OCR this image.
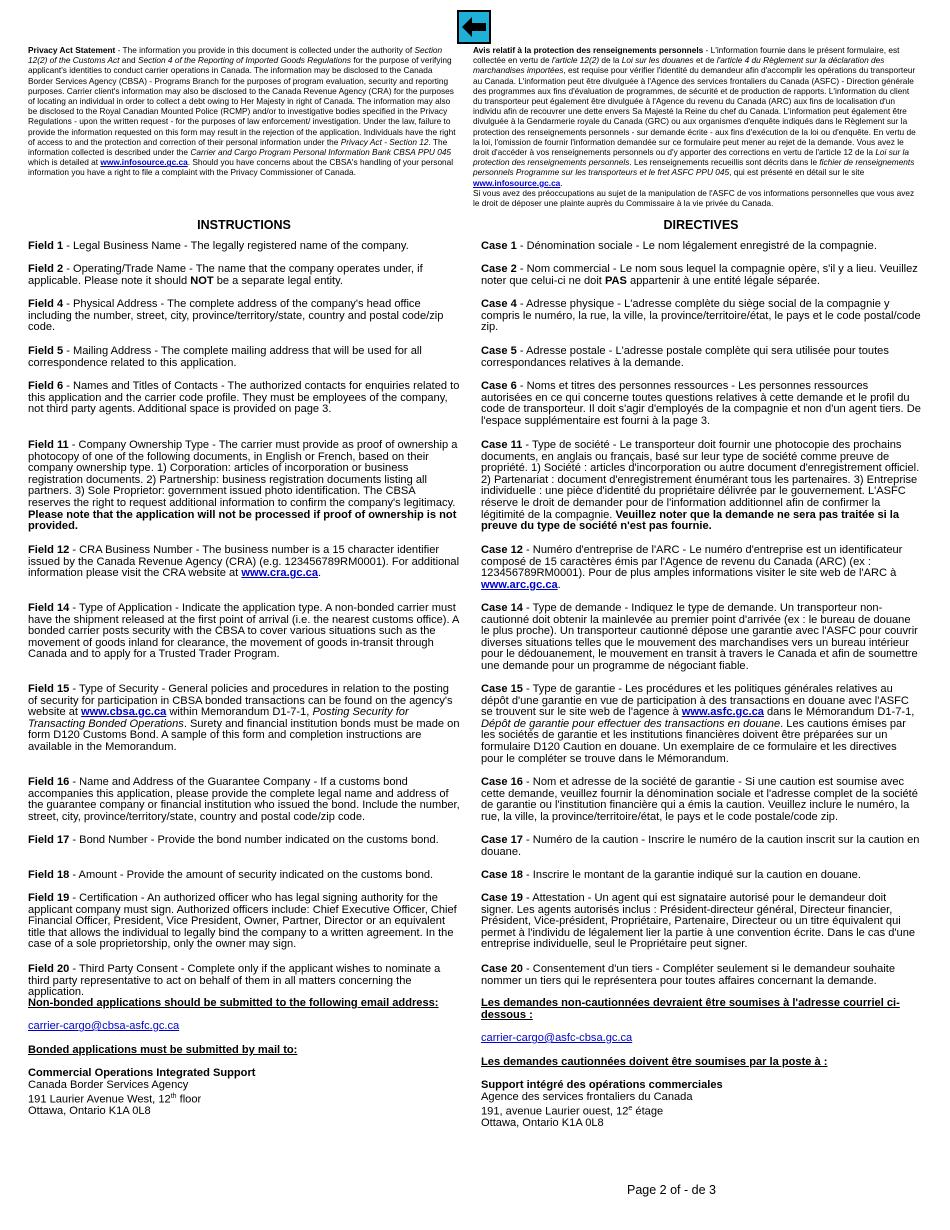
Privacy Act Statement - The information you provide in this document is collected under the authority of Section 12(2) of the Customs Act and Section 4 of the Reporting of Imported Goods Regulations for the purpose of verifying applicant's identities to conduct carrier operations in Canada. The information may be disclosed to the Canada Border Services Agency (CBSA) - Programs Branch for the purposes of program evaluation, security and reporting purposes. Carrier client's information may also be disclosed to the Canada Revenue Agency (CRA) for the purposes of locating an individual in order to collect a debt owing to Her Majesty in right of Canada. The information may also be disclosed to the Royal Canadian Mounted Police (RCMP) and/or to investigative bodies specified in the Privacy Regulations - upon the written request - for the purposes of law enforcement/ investigation. Under the law, failure to provide the information requested on this form may result in the rejection of the application. Individuals have the right of access to and the protection and correction of their personal information under the Privacy Act - Section 12. The information collected is described under the Carrier and Cargo Program Personal Information Bank CBSA PPU 045 which is detailed at www.infosource.gc.ca. Should you have concerns about the CBSA's handling of your personal information you have a right to file a complaint with the Privacy Commissioner of Canada.

Avis relatif à la protection des renseignements personnels - L'information fournie dans le présent formulaire, est collectée en vertu de l'article 12(2) de la Loi sur les douanes et de l'article 4 du Règlement sur la déclaration des marchandises importées, est requise pour vérifier l'identité du demandeur afin d'accomplir les opérations du transporteur au Canada. L'information peut être divulguée à l'Agence des services frontaliers du Canada (ASFC) - Direction générale des programmes aux fins d'évaluation de programmes, de sécurité et de production de rapports. L'information du client du transporteur peut également être divulguée à l'Agence du revenu du Canada (ARC) aux fins de localisation d'un individu afin de recouvrer une dette envers Sa Majesté la Reine du chef du Canada. L'information peut également être divulguée à la Gendarmerie royale du Canada (GRC) ou aux organismes d'enquête indiqués dans le Règlement sur la protection des renseignements personnels - sur demande écrite - aux fins d'exécution de la loi ou d'enquête. En vertu de la loi, l'omission de fournir l'information demandée sur ce formulaire peut mener au rejet de la demande. Vous avez le droit d'accéder à vos renseignements personnels ou d'y apporter des corrections en vertu de l'article 12 de la Loi sur la protection des renseignements personnels. Les renseignements recueillis sont décrits dans le fichier de renseignements personnels Programme sur les transporteurs et le fret ASFC PPU 045, qui est présenté en détail sur le site www.infosource.gc.ca.

Si vous avez des préoccupations au sujet de la manipulation de l'ASFC de vos informations personnelles que vous avez le droit de déposer une plainte auprès du Commissaire à la vie privée du Canada.

INSTRUCTIONS

Field 1 - Legal Business Name - The legally registered name of the company.

Field 2 - Operating/Trade Name - The name that the company operates under, if applicable. Please note it should NOT be a separate legal entity.

Field 4 - Physical Address - The complete address of the company's head office including the number, street, city, province/territory/state, country and postal code/zip code.

Field 5 - Mailing Address - The complete mailing address that will be used for all correspondence related to this application.

Field 6 - Names and Titles of Contacts - The authorized contacts for enquiries related to this application and the carrier code profile. They must be employees of the company, not third party agents. Additional space is provided on page 3.

Field 11 - Company Ownership Type - The carrier must provide as proof of ownership a photocopy of one of the following documents, in English or French, based on their company ownership type. 1) Corporation: articles of incorporation or business registration documents. 2) Partnership: business registration documents listing all partners. 3) Sole Proprietor: government issued photo identification. The CBSA reserves the right to request additional information to confirm the company's legitimacy. Please note that the application will not be processed if proof of ownership is not provided.

Field 12 - CRA Business Number - The business number is a 15 character identifier issued by the Canada Revenue Agency (CRA) (e.g. 123456789RM0001). For additional information please visit the CRA website at www.cra.gc.ca.

Field 14 - Type of Application - Indicate the application type. A non-bonded carrier must have the shipment released at the first point of arrival (i.e. the nearest customs office). A bonded carrier posts security with the CBSA to cover various situations such as the movement of goods inland for clearance, the movement of goods in-transit through Canada and to apply for a Trusted Trader Program.

Field 15 - Type of Security - General policies and procedures in relation to the posting of security for participation in CBSA bonded transactions can be found on the agency's website at www.cbsa.gc.ca within Memorandum D1-7-1, Posting Security for Transacting Bonded Operations. Surety and financial institution bonds must be made on form D120 Customs Bond. A sample of this form and completion instructions are available in the Memorandum.

Field 16 - Name and Address of the Guarantee Company - If a customs bond accompanies this application, please provide the complete legal name and address of the guarantee company or financial institution who issued the bond. Include the number, street, city, province/territory/state, country and postal code/zip code.

Field 17 - Bond Number - Provide the bond number indicated on the customs bond.

Field 18 - Amount - Provide the amount of security indicated on the customs bond.

Field 19 - Certification - An authorized officer who has legal signing authority for the applicant company must sign. Authorized officers include: Chief Executive Officer, Chief Financial Officer, President, Vice President, Owner, Partner, Director or an equivalent title that allows the individual to legally bind the company to a written agreement. In the case of a sole proprietorship, only the owner may sign.

Field 20 - Third Party Consent - Complete only if the applicant wishes to nominate a third party representative to act on behalf of them in all matters concerning the application.

Non-bonded applications should be submitted to the following email address:

carrier-cargo@cbsa-asfc.gc.ca

Bonded applications must be submitted by mail to:

Commercial Operations Integrated Support

Canada Border Services Agency

191 Laurier Avenue West, 12th floor

Ottawa, Ontario K1A 0L8

DIRECTIVES

Case 1 - Dénomination sociale - Le nom légalement enregistré de la compagnie.

Case 2 - Nom commercial - Le nom sous lequel la compagnie opère, s'il y a lieu. Veuillez noter que celui-ci ne doit PAS appartenir à une entité légale séparée.

Case 4 - Adresse physique - L'adresse complète du siège social de la compagnie y compris le numéro, la rue, la ville, la province/territoire/état, le pays et le code postal/code zip.

Case 5 - Adresse postale - L'adresse postale complète qui sera utilisée pour toutes correspondances relatives à la demande.

Case 6 - Noms et titres des personnes ressources - Les personnes ressources autorisées en ce qui concerne toutes questions relatives à cette demande et le profil du code de transporteur. Il doit s'agir d'employés de la compagnie et non d'un agent tiers. De l'espace supplémentaire est fourni à la page 3.

Case 11 - Type de société - Le transporteur doit fournir une photocopie des prochains documents, en anglais ou français, basé sur leur type de société comme preuve de propriété. 1) Société : articles d'incorporation ou autre document d'enregistrement officiel. 2) Partenariat : document d'enregistrement énumérant tous les partenaires. 3) Entreprise individuelle : une pièce d'identité du propriétaire délivrée par le gouvernement. L'ASFC réserve le droit de demander pour de l'information additionnel afin de confirmer la légitimité de la compagnie. Veuillez noter que la demande ne sera pas traitée si la preuve du type de société n'est pas fournie.

Case 12 - Numéro d'entreprise de l'ARC - Le numéro d'entreprise est un identificateur composé de 15 caractères émis par l'Agence de revenu du Canada (ARC) (ex : 123456789RM0001). Pour de plus amples informations visiter le site web de l'ARC à www.arc.gc.ca.

Case 14 - Type de demande - Indiquez le type de demande. Un transporteur non-cautionné doit obtenir la mainlevée au premier point d'arrivée (ex : le bureau de douane le plus proche). Un transporteur cautionné dépose une garantie avec l'ASFC pour couvrir diverses situations telles que le mouvement des marchandises vers un bureau intérieur pour le dédouanement, le mouvement en transit à travers le Canada et afin de soumettre une demande pour un programme de négociant fiable.

Case 15 - Type de garantie - Les procédures et les politiques générales relatives au dépôt d'une garantie en vue de participation à des transactions en douane avec l'ASFC se trouvent sur le site web de l'agence à www.asfc.gc.ca dans le Mémorandum D1-7-1, Dépôt de garantie pour effectuer des transactions en douane. Les cautions émises par les sociétés de garantie et les institutions financières doivent être préparées sur un formulaire D120 Caution en douane. Un exemplaire de ce formulaire et les directives pour le compléter se trouve dans le Mémorandum.

Case 16 - Nom et adresse de la société de garantie - Si une caution est soumise avec cette demande, veuillez fournir la dénomination sociale et l'adresse complet de la société de garantie ou l'institution financière qui a émis la caution. Veuillez inclure le numéro, la rue, la ville, la province/territoire/état, le pays et le code postale/code zip.

Case 17 - Numéro de la caution - Inscrire le numéro de la caution inscrit sur la caution en douane.

Case 18 - Inscrire le montant de la garantie indiqué sur la caution en douane.

Case 19 - Attestation - Un agent qui est signataire autorisé pour le demandeur doit signer. Les agents autorisés inclus : Président-directeur général, Directeur financier, Président, Vice-président, Propriétaire, Partenaire, Directeur ou un titre équivalent qui permet à l'individu de légalement lier la partie à une convention écrite. Dans le cas d'une entreprise individuelle, seul le Propriétaire peut signer.

Case 20 - Consentement d'un tiers - Compléter seulement si le demandeur souhaite nommer un tiers qui le représentera pour toutes affaires concernant la demande.

Les demandes non-cautionnées devraient être soumises à l'adresse courriel ci-dessous :

carrier-cargo@asfc-cbsa.gc.ca

Les demandes cautionnées doivent être soumises par la poste à :

Support intégré des opérations commerciales

Agence des services frontaliers du Canada

191, avenue Laurier ouest, 12e étage

Ottawa, Ontario K1A 0L8

Page 2 of - de 3
